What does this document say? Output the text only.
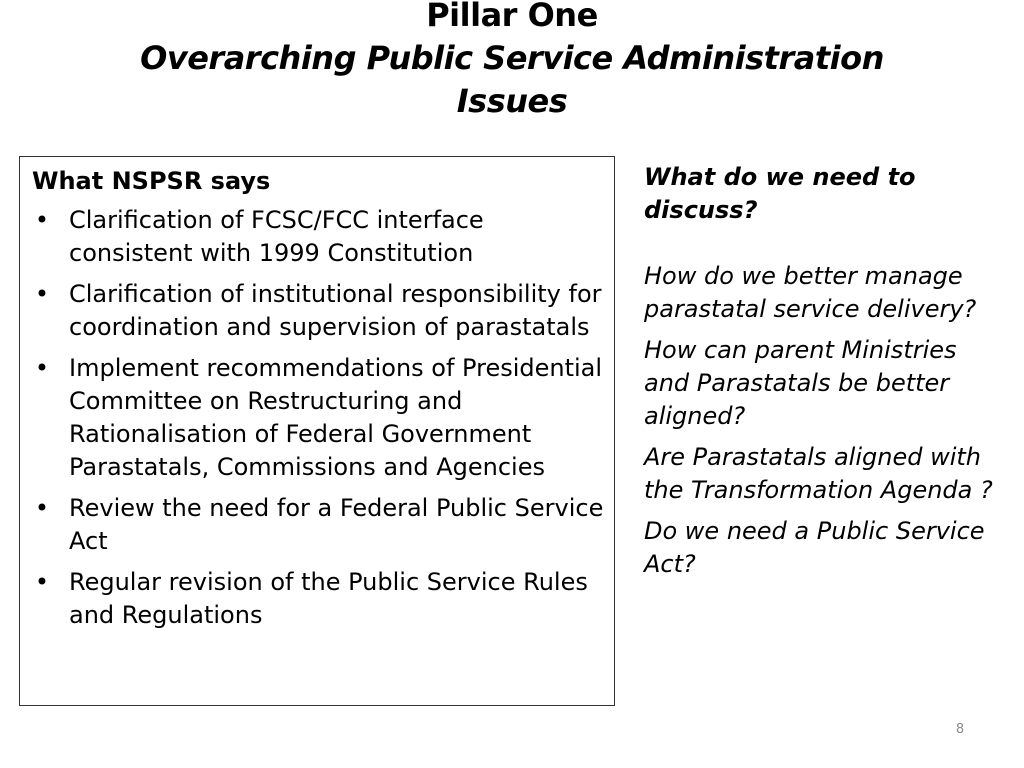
Pillar One
Overarching Public Service Administration
Issues
What NSPSR says
• Clarification of FCSC/FCC interface consistent with 1999 Constitution
• Clarification of institutional responsibility for coordination and supervision of parastatals
• Implement recommendations of Presidential Committee on Restructuring and Rationalisation of Federal Government Parastatals, Commissions and Agencies
• Review the need for a Federal Public Service Act
• Regular revision of the Public Service Rules and Regulations
What do we need to discuss?
How do we better manage parastatal service delivery?
How can parent Ministries and Parastatals be better aligned?
Are Parastatals aligned with the Transformation Agenda ?
Do we need a Public Service Act?
8
